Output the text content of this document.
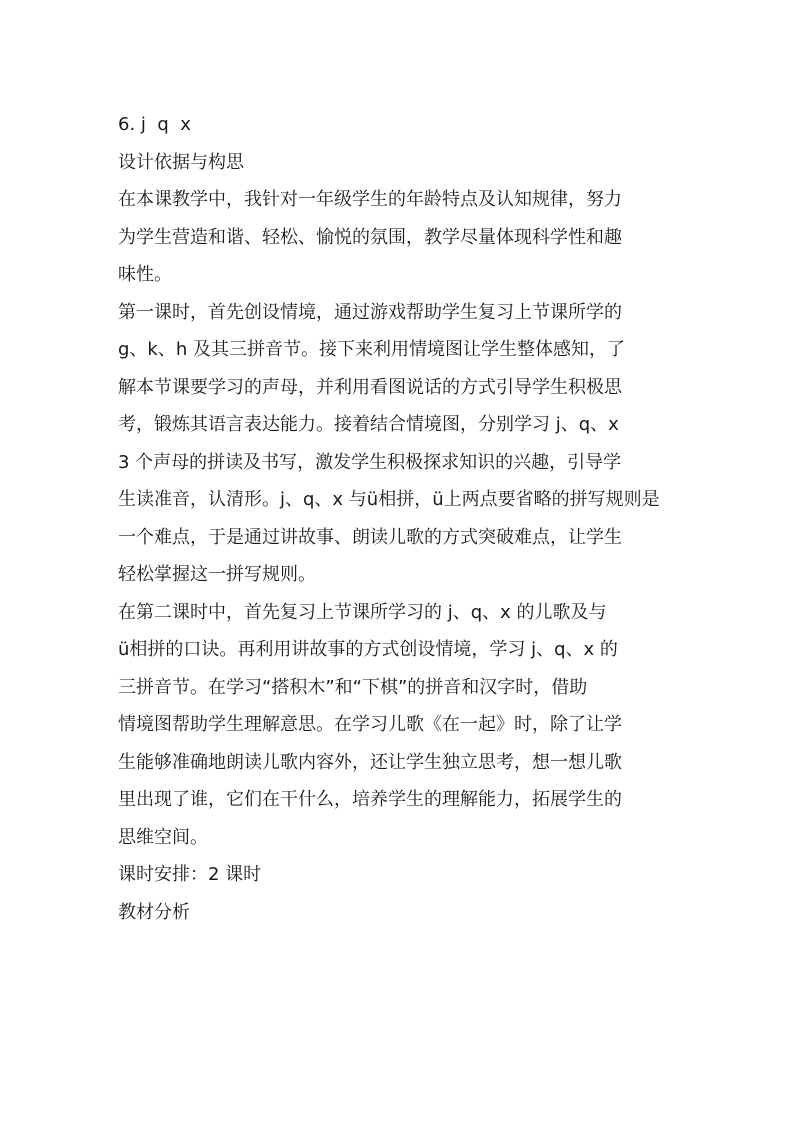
6. j  q  x

设计依据与构思

在本课教学中，我针对一年级学生的年龄特点及认知规律，努力

为学生营造和谐、轻松、愉悦的氛围，教学尽量体现科学性和趣

味性。

第一课时，首先创设情境，通过游戏帮助学生复习上节课所学的

g、k、h 及其三拼音节。接下来利用情境图让学生整体感知，了

解本节课要学习的声母，并利用看图说话的方式引导学生积极思

考，锻炼其语言表达能力。接着结合情境图，分别学习 j、q、x

3 个声母的拼读及书写，激发学生积极探求知识的兴趣，引导学

生读准音，认清形。j、q、x 与ü相拼，ü上两点要省略的拼写规则是

一个难点，于是通过讲故事、朗读儿歌的方式突破难点，让学生

轻松掌握这一拼写规则。

在第二课时中，首先复习上节课所学习的 j、q、x 的儿歌及与

ü相拼的口诀。再利用讲故事的方式创设情境，学习 j、q、x 的

三拼音节。在学习“搭积木”和“下棋”的拼音和汉字时，借助

情境图帮助学生理解意思。在学习儿歌《在一起》时，除了让学

生能够准确地朗读儿歌内容外，还让学生独立思考，想一想儿歌

里出现了谁，它们在干什么，培养学生的理解能力，拓展学生的

思维空间。

课时安排：2 课时

教材分析
